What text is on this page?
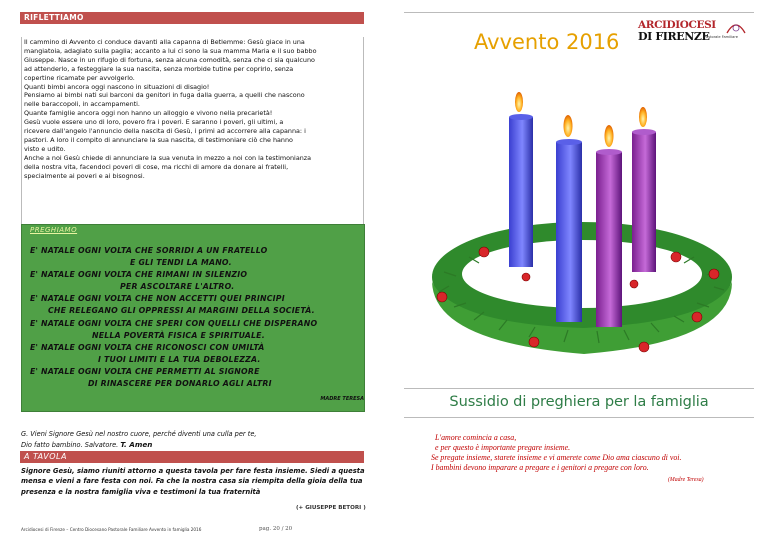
RIFLETTIAMO

Il cammino di Avvento ci conduce davanti alla capanna di Betlemme: Gesù giace in una

mangiatoia, adagiato sulla paglia; accanto a lui ci sono la sua mamma Maria e il suo babbo

Giuseppe. Nasce in un rifugio di fortuna, senza alcuna comodità, senza che ci sia qualcuno

ad attenderlo, a festeggiare la sua nascita, senza morbide tutine per coprirlo, senza

copertine ricamate per avvolgerlo.

Quanti bimbi ancora oggi nascono in situazioni di disagio!

Pensiamo ai bimbi nati sui barconi da genitori in fuga dalla guerra, a quelli che nascono

nelle baraccopoli, in accampamenti.

Quante famiglie ancora oggi non hanno un alloggio e vivono nella precarietà!

Gesù vuole essere uno di loro, povero fra i poveri. E saranno i poveri, gli ultimi, a

ricevere dall'angelo l'annuncio della nascita di Gesù, i primi ad accorrere alla capanna: i

pastori. A loro il compito di annunciare la sua nascita, di testimoniare ciò che hanno

visto e udito.

Anche a noi Gesù chiede di annunciare la sua venuta in mezzo a noi con la testimonianza

della nostra vita, facendoci poveri di cose, ma ricchi di amore da donare ai fratelli,

specialmente ai poveri e ai bisognosi.

PREGHIAMO
E' NATALE OGNI VOLTA CHE SORRIDI A UN FRATELLO
E GLI TENDI LA MANO.
E' NATALE OGNI VOLTA CHE RIMANI IN SILENZIO
PER ASCOLTARE L'ALTRO.
E' NATALE OGNI VOLTA CHE NON ACCETTI QUEI PRINCIPI
CHE RELEGANO GLI OPPRESSI AI MARGINI DELLA SOCIETÀ.
E' NATALE OGNI VOLTA CHE SPERI CON QUELLI CHE DISPERANO
NELLA POVERTÀ FISICA E SPIRITUALE.
E' NATALE OGNI VOLTA CHE RICONOSCI CON UMILTÀ
I TUOI LIMITI E LA TUA DEBOLEZZA.
E' NATALE OGNI VOLTA CHE PERMETTI AL SIGNORE
DI RINASCERE PER DONARLO AGLI ALTRI
MADRE TERESA
G. Vieni Signore Gesù nel nostro cuore, perché diventi una culla per te,
Dio fatto bambino. Salvatore. T. Amen
A TAVOLA
Signore Gesù, siamo riuniti attorno a questa tavola per fare festa insieme. Siedi a questa mensa e vieni a fare festa con noi. Fa che la nostra casa sia riempita della gioia della tua presenza e la nostra famiglia viva e testimoni la tua fraternità
(+ GIUSEPPE BETORI )
Arcidiocesi di Firenze – Centro Diocesano Pastorale Familiare Avvento in famiglia 2016	pag. 20 / 20
Avvento 2016
ARCIDIOCESI
DI FIRENZE
Pastorale Familiare
Sussidio di preghiera per la famiglia
L'amore comincia a casa,
e per questo è importante pregare insieme.
Se pregate insieme, starete insieme e vi amerete come Dio ama ciascuno di voi.
I bambini devono imparare a pregare e i genitori a pregare con loro.
(Madre Teresa)
